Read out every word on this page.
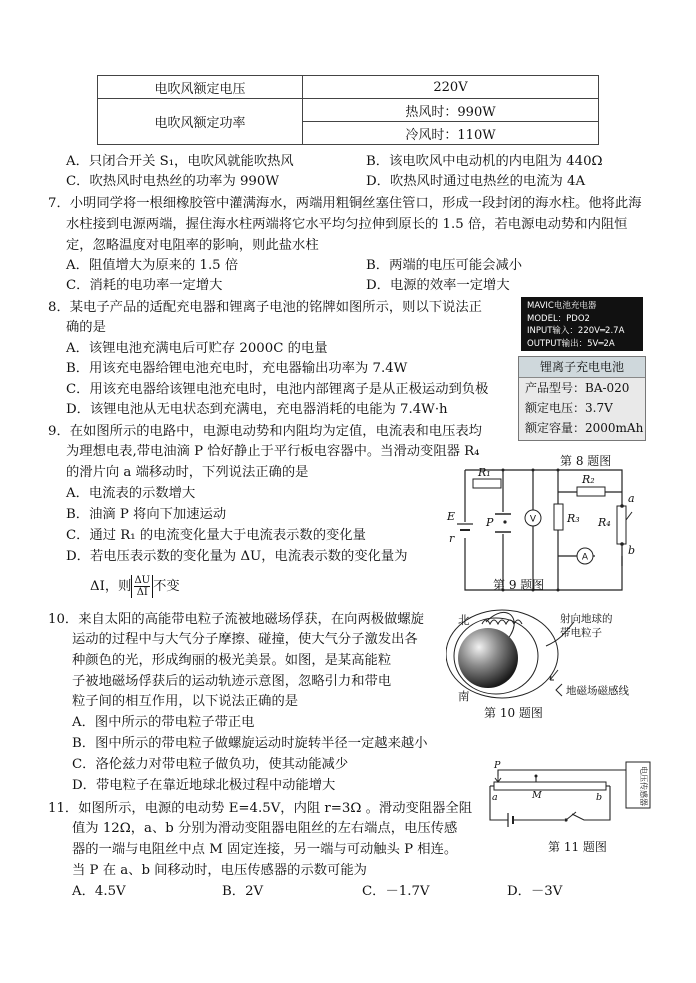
电吹风额定电压	220V
电吹风额定功率	热风时：990W
	冷风时：110W
A．只闭合开关 S₁，电吹风就能吹热风	B．该电吹风中电动机的内电阻为 440Ω
C．吹热风时电热丝的功率为 990W	D．吹热风时通过电热丝的电流为 4A
7．小明同学将一根细橡胶管中灌满海水，两端用粗铜丝塞住管口，形成一段封闭的海水柱。他将此海
水柱接到电源两端，握住海水柱两端将它水平均匀拉伸到原长的 1.5 倍，若电源电动势和内阻恒
定，忽略温度对电阻率的影响，则此盐水柱
A．阻值增大为原来的 1.5 倍	B．两端的电压可能会减小
C．消耗的电功率一定增大	D．电源的效率一定增大
8．某电子产品的适配充电器和锂离子电池的铭牌如图所示，则以下说法正
确的是
A．该锂电池充满电后可贮存 2000C 的电量
B．用该充电器给锂电池充电时，充电器输出功率为 7.4W
C．用该充电器给该锂电池充电时，电池内部锂离子是从正极运动到负极
D．该锂电池从无电状态到充满电，充电器消耗的电能为 7.4W·h
MAVIC电池充电器
MODEL：PDO2
INPUT输入：220V═2.7A
OUTPUT输出：5V═2A
锂离子充电电池
产品型号：BA-020
额定电压：3.7V
额定容量：2000mAh
第 8 题图
9．在如图所示的电路中，电源电动势和内阻均为定值，电流表和电压表均
为理想电表,带电油滴 P 恰好静止于平行板电容器中。当滑动变阻器 R₄
的滑片向 a 端移动时，下列说法正确的是
A．电流表的示数增大
B．油滴 P 将向下加速运动
C．通过 R₁ 的电流变化量大于电流表示数的变化量
D．若电压表示数的变化量为 ΔU，电流表示数的变化量为
ΔI，则 $\frac{\Delta U}{\Delta I}$ 不变
R₁
R₂
R₃ R₄
E
r
P
a
b
V
A
第 9 题图
10．来自太阳的高能带电粒子流被地磁场俘获，在向两极做螺旋
运动的过程中与大气分子摩擦、碰撞，使大气分子激发出各
种颜色的光，形成绚丽的极光美景。如图，是某高能粒
子被地磁场俘获后的运动轨迹示意图，忽略引力和带电
粒子间的相互作用，以下说法正确的是
A．图中所示的带电粒子带正电
B．图中所示的带电粒子做螺旋运动时旋转半径一定越来越小
C．洛伦兹力对带电粒子做负功，使其动能减少
D．带电粒子在靠近地球北极过程中动能增大
北
南
射向地球的
带电粒子
地磁场磁感线
第 10 题图
11．如图所示，电源的电动势 E=4.5V，内阻 r=3Ω 。滑动变阻器全阻
值为 12Ω，a、b 分别为滑动变阻器电阻丝的左右端点，电压传感
器的一端与电阻丝中点 M 固定连接，另一端与可动触头 P 相连。
当 P 在 a、b 间移动时，电压传感器的示数可能为
A．4.5V	B．2V	C．－1.7V	D．－3V
P
a	M	b	电压传感器
第 11 题图
